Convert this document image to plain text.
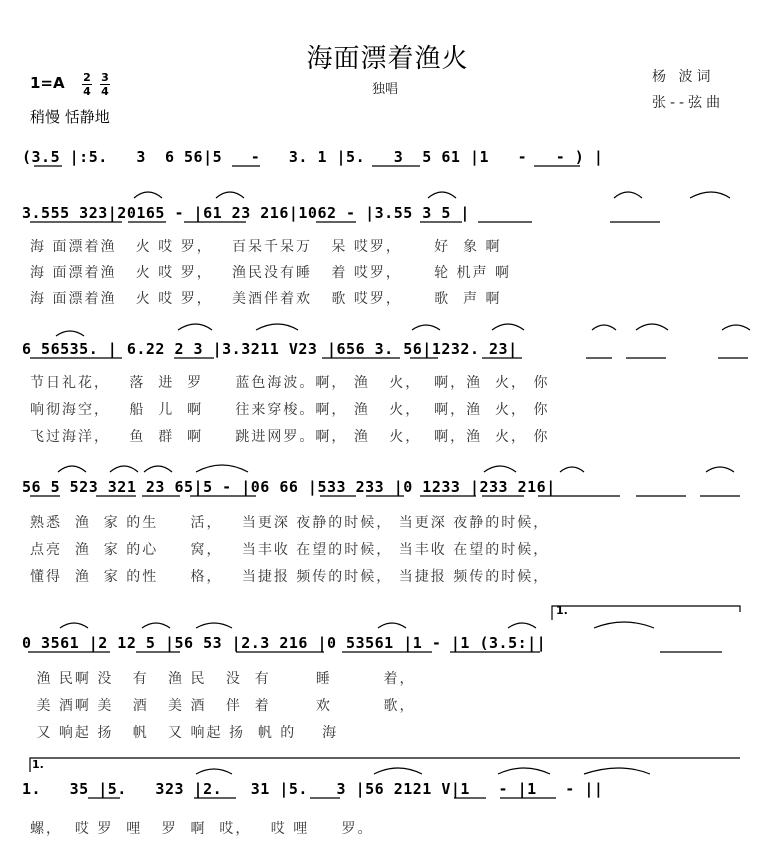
海面漂着渔火
独唱
杨 波词
张--弦曲
1=A 2
4
3
4
稍慢 恬静地
(3.5 |:5.   3  6 56|5   -   3. 1 |5.   3  5 61 |1   -   - ) |
3.555 323|20165 - |61 23 216|1062 - |3.55 3 5 |
海 面漂着渔   火 哎 罗，   百呆千呆万   呆 哎罗，     好  象 啊
海 面漂着渔   火 哎 罗，   渔民没有睡   着 哎罗，     轮 机声 啊
海 面漂着渔   火 哎 罗，   美酒伴着欢   歌 哎罗，     歌  声 啊
6 56535. | 6.22 2 3 |3.3211 V23 |656 3. 56|1232. 23|
节日礼花，   落  进  罗     蓝色海波。啊， 渔   火，  啊，渔  火， 你
响彻海空，   船  儿  啊     往来穿梭。啊， 渔   火，  啊，渔  火， 你
飞过海洋，   鱼  群  啊     跳进网罗。啊， 渔   火，  啊，渔  火， 你
56 5 523 321 23 65|5 - |06 66 |533 233 |0 1233 |233 216|
熟悉  渔  家 的生     活，   当更深 夜静的时候， 当更深 夜静的时候，
点亮  渔  家 的心     窝，   当丰收 在望的时候， 当丰收 在望的时候，
懂得  渔  家 的性     格，   当捷报 频传的时候， 当捷报 频传的时候，
0 3561 |2 12 5 |56 53 |2.3 216 |0 53561 |1 - |1 (3.5:||
1.
渔 民啊 没   有   渔 民   没  有       睡        着，
美 酒啊 美   酒   美 酒   伴  着       欢        歌，
又 响起 扬   帆   又 响起 扬  帆 的    海
1.
1.   35 |5.   323 |2.   31 |5.   3 |56 2121 V|1   - |1   - ||
螺，  哎 罗  哩   罗  啊  哎，   哎 哩     罗。
